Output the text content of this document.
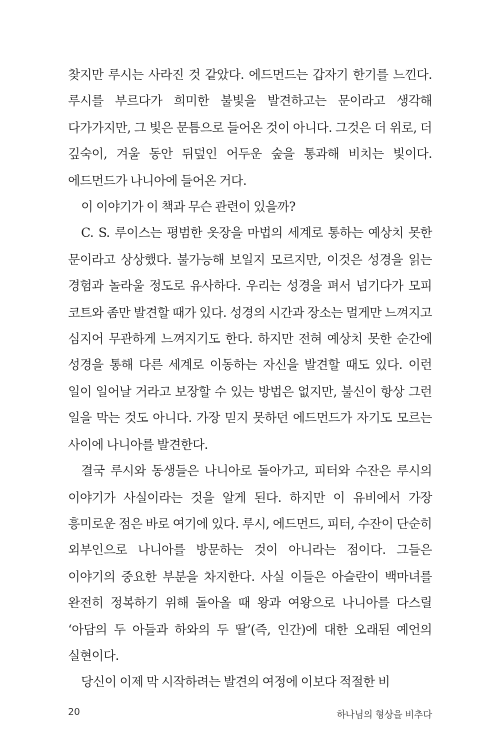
찾지만 루시는 사라진 것 같았다. 에드먼드는 갑자기 한기를 느낀다. 루시를 부르다가 희미한 불빛을 발견하고는 문이라고 생각해 다가가지만, 그 빛은 문틈으로 들어온 것이 아니다. 그것은 더 위로, 더 깊숙이, 겨울 동안 뒤덮인 어두운 숲을 통과해 비치는 빛이다. 에드먼드가 나니아에 들어온 거다.

이 이야기가 이 책과 무슨 관련이 있을까?

C. S. 루이스는 평범한 옷장을 마법의 세계로 통하는 예상치 못한 문이라고 상상했다. 불가능해 보일지 모르지만, 이것은 성경을 읽는 경험과 놀라울 정도로 유사하다. 우리는 성경을 펴서 넘기다가 모피 코트와 좀만 발견할 때가 있다. 성경의 시간과 장소는 멀게만 느껴지고 심지어 무관하게 느껴지기도 한다. 하지만 전혀 예상치 못한 순간에 성경을 통해 다른 세계로 이동하는 자신을 발견할 때도 있다. 이런 일이 일어날 거라고 보장할 수 있는 방법은 없지만, 불신이 항상 그런 일을 막는 것도 아니다. 가장 믿지 못하던 에드먼드가 자기도 모르는 사이에 나니아를 발견한다.

결국 루시와 동생들은 나니아로 돌아가고, 피터와 수잔은 루시의 이야기가 사실이라는 것을 알게 된다. 하지만 이 유비에서 가장 흥미로운 점은 바로 여기에 있다. 루시, 에드먼드, 피터, 수잔이 단순히 외부인으로 나니아를 방문하는 것이 아니라는 점이다. 그들은 이야기의 중요한 부분을 차지한다. 사실 이들은 아슬란이 백마녀를 완전히 정복하기 위해 돌아올 때 왕과 여왕으로 나니아를 다스릴 ‘아담의 두 아들과 하와의 두 딸’(즉, 인간)에 대한 오래된 예언의 실현이다.

당신이 이제 막 시작하려는 발견의 여정에 이보다 적절한 비

20	하나님의 형상을 비추다
